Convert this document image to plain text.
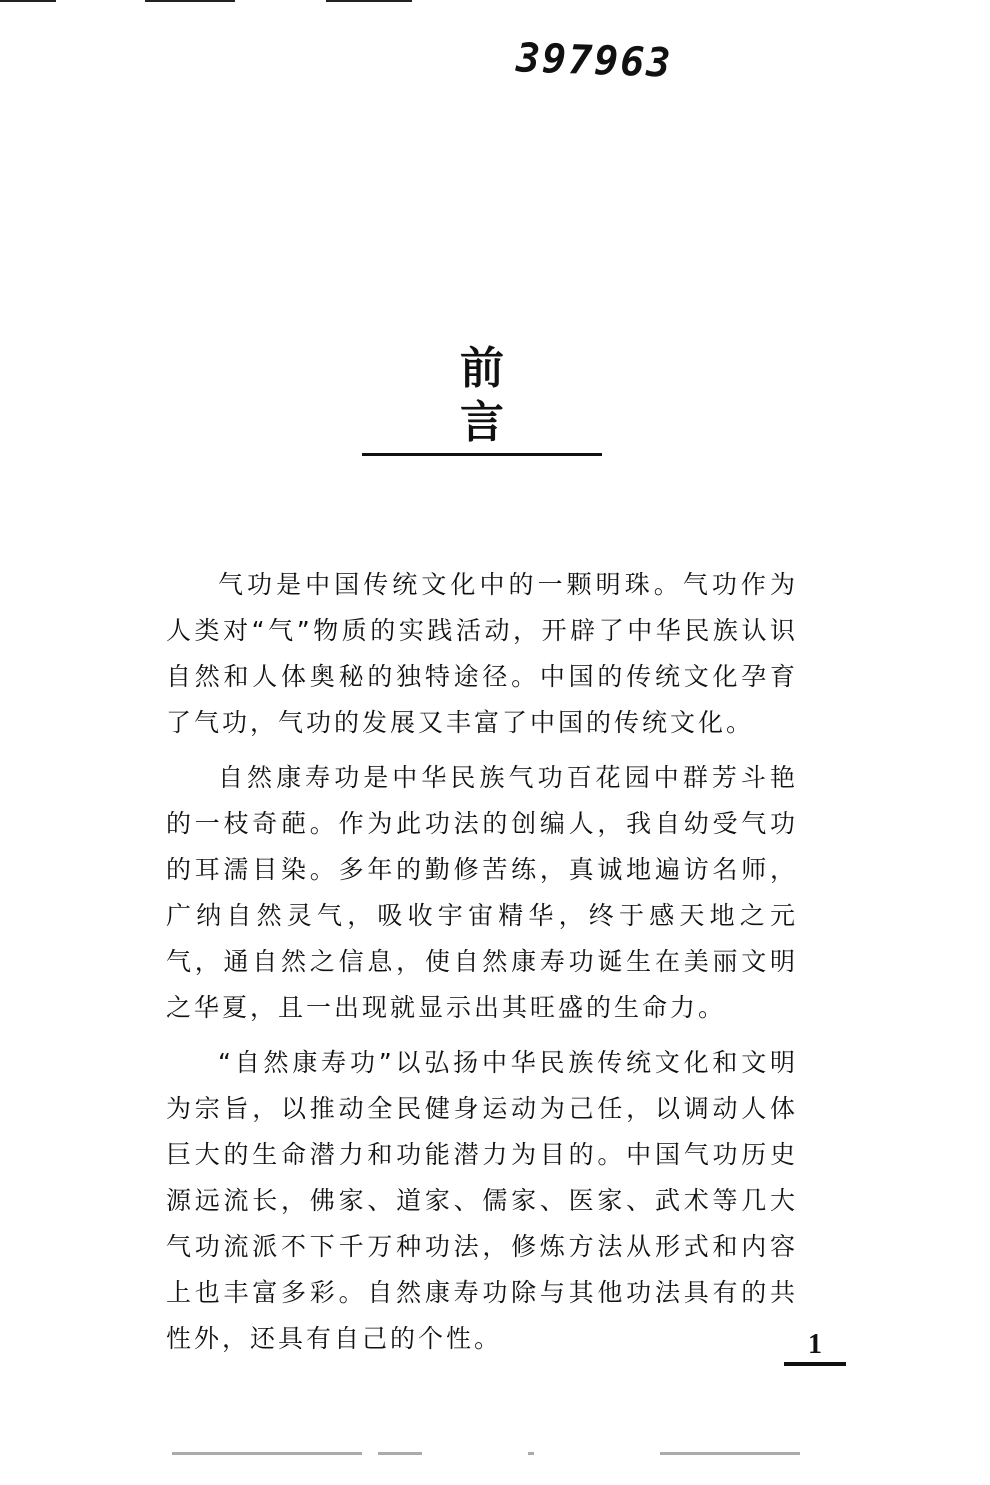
397963
前言

气功是中国传统文化中的一颗明珠。气功作为人类对“气”物质的实践活动，开辟了中华民族认识自然和人体奥秘的独特途径。中国的传统文化孕育了气功，气功的发展又丰富了中国的传统文化。

自然康寿功是中华民族气功百花园中群芳斗艳的一枝奇葩。作为此功法的创编人，我自幼受气功的耳濡目染。多年的勤修苦练，真诚地遍访名师，广纳自然灵气，吸收宇宙精华，终于感天地之元气，通自然之信息，使自然康寿功诞生在美丽文明之华夏，且一出现就显示出其旺盛的生命力。

“自然康寿功”以弘扬中华民族传统文化和文明为宗旨，以推动全民健身运动为己任，以调动人体巨大的生命潜力和功能潜力为目的。中国气功历史源远流长，佛家、道家、儒家、医家、武术等几大气功流派不下千万种功法，修炼方法从形式和内容上也丰富多彩。自然康寿功除与其他功法具有的共性外，还具有自己的个性。	1
